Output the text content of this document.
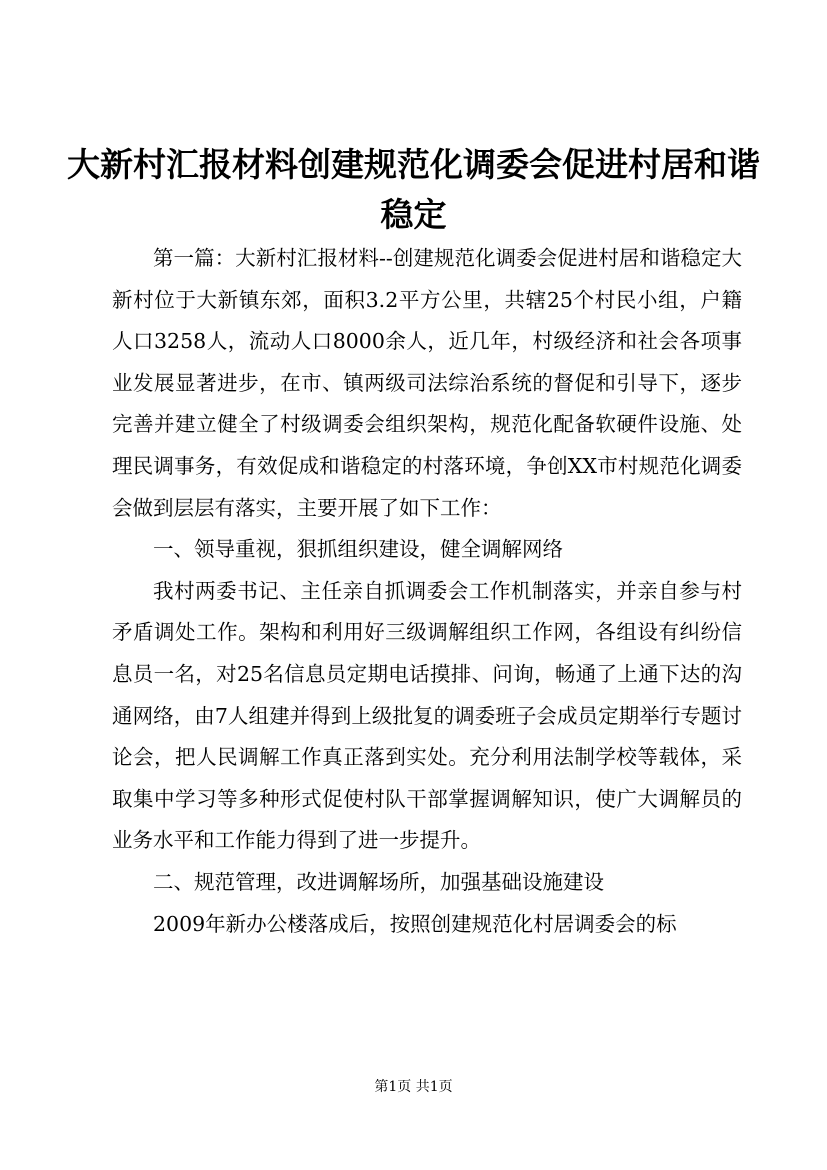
大新村汇报材料创建规范化调委会促进村居和谐稳定

第一篇：大新村汇报材料--创建规范化调委会促进村居和谐稳定大新村位于大新镇东郊，面积3.2平方公里，共辖25个村民小组，户籍人口3258人，流动人口8000余人，近几年，村级经济和社会各项事业发展显著进步，在市、镇两级司法综治系统的督促和引导下，逐步完善并建立健全了村级调委会组织架构，规范化配备软硬件设施、处理民调事务，有效促成和谐稳定的村落环境，争创XX市村规范化调委会做到层层有落实，主要开展了如下工作：

一、领导重视，狠抓组织建设，健全调解网络

我村两委书记、主任亲自抓调委会工作机制落实，并亲自参与村矛盾调处工作。架构和利用好三级调解组织工作网，各组设有纠纷信息员一名，对25名信息员定期电话摸排、问询，畅通了上通下达的沟通网络，由7人组建并得到上级批复的调委班子会成员定期举行专题讨论会，把人民调解工作真正落到实处。充分利用法制学校等载体，采取集中学习等多种形式促使村队干部掌握调解知识，使广大调解员的业务水平和工作能力得到了进一步提升。

二、规范管理，改进调解场所，加强基础设施建设

2009年新办公楼落成后，按照创建规范化村居调委会的标

第1页 共1页
